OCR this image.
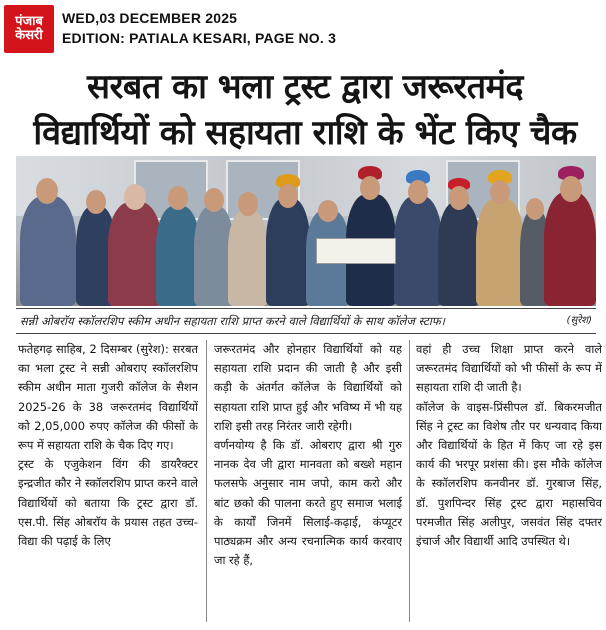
पंजाब
केसरी
WED,03 DECEMBER 2025
EDITION: PATIALA KESARI, PAGE NO. 3
सरबत का भला ट्रस्ट द्वारा जरूरतमंद
विद्यार्थियों को सहायता राशि के भेंट किए चैक
सन्नी ओबराॅय स्कॉलरशिप स्कीम अधीन सहायता राशि प्राप्त करने वाले विद्यार्थियों के साथ कॉलेज स्टाफ।	(सुरेश)
फतेहगढ़ साहिब, 2 दिसम्बर (सुरेश): सरबत का भला ट्रस्ट ने सन्नी ओबराए स्कॉलरशिप स्कीम अधीन माता गुजरी कॉलेज के सैशन 2025-26 के 38 जरूरतमंद विद्यार्थियों को 2,05,000 रुपए कॉलेज की फीसों के रूप में सहायता राशि के चैक दिए गए।
ट्रस्ट के एजुकेशन विंग की डायरैक्टर इन्द्रजीत कौर ने स्कॉलरशिप प्राप्त करने वाले विद्यार्थियों को बताया कि ट्रस्ट द्वारा डॉ. एस.पी. सिंह ओबराॅय के प्रयास तहत उच्च-विद्या की पढ़ाई के लिए
जरूरतमंद और होनहार विद्यार्थियों को यह सहायता राशि प्रदान की जाती है और इसी कड़ी के अंतर्गत कॉलेज के विद्यार्थियों को सहायता राशि प्राप्त हुई और भविष्य में भी यह राशि इसी तरह निरंतर जारी रहेगी।
वर्णनयोग्य है कि डॉ. ओबराए द्वारा श्री गुरु नानक देव जी द्वारा मानवता को बख्शे महान फलसफे अनुसार नाम जपो, काम करो और बांट छको की पालना करते हुए समाज भलाई के कार्यों जिनमें सिलाई-कढ़ाई, कंप्यूटर पाठ्यक्रम और अन्य रचनात्मिक कार्य करवाए जा रहे हैं,
वहां ही उच्च शिक्षा प्राप्त करने वाले जरूरतमंद विद्यार्थियों को भी फीसों के रूप में सहायता राशि दी जाती है।
कॉलेज के वाइस-प्रिंसीपल डॉ. बिकरमजीत सिंह ने ट्रस्ट का विशेष तौर पर धन्यवाद किया और विद्यार्थियों के हित में किए जा रहे इस कार्य की भरपूर प्रशंसा की। इस मौके कॉलेज के स्कॉलरशिप कनवीनर डॉ. गुरबाज सिंह, डॉ. पुशपिन्दर सिंह ट्रस्ट द्वारा महासचिव परमजीत सिंह अलीपुर, जसवंत सिंह दफ्तर इंचार्ज और विद्यार्थी आदि उपस्थित थे।
